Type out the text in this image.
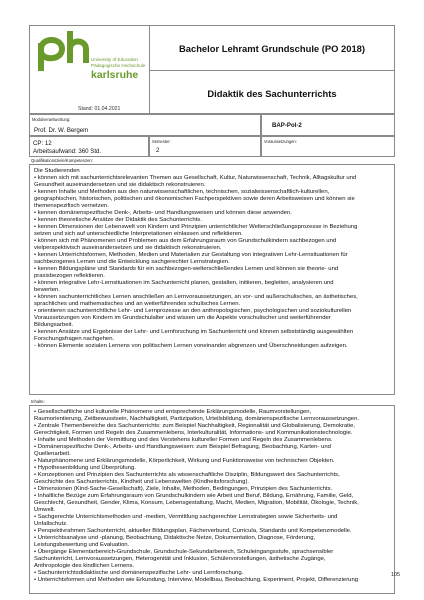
University of Education
Pädagogische Hochschule
karlsruhe
Stand: 01.04.2021
Bachelor Lehramt Grundschule (PO 2018)
Didaktik des Sachunterrichts
Modulverantwortung:
Prof. Dr. W. Bergem
BAP-Pol-2
CP: 12
Arbeitsaufwand: 360 Std.
Semester:
2
Voraussetzungen:
Qualifikationsziele/Kompetenzen:

Die Studierenden

• können sich mit sachunterrichtsrelevanten Themen aus Gesellschaft, Kultur, Naturwissenschaft, Technik, Alltagskultur und

Gesundheit auseinandersetzen und sie didaktisch rekonstruieren.

• kennen Inhalte und Methoden aus den naturwissenschaftlichen, technischen, sozialwissenschaftlich-kulturellen,

geographischen, historischen, politischen und ökonomischen Fachperspektiven sowie deren Arbeitsweisen und können sie

themenspezifisch vernetzen.

• kennen domänenspezifische Denk-, Arbeits- und Handlungsweisen und können diese anwenden.

• kennen theoretische Ansätze der Didaktik des Sachunterrichts.

• kennen Dimensionen der Lebenswelt von Kindern und Prinzipien unterrichtlicher Welterschließungsprozesse in Beziehung

setzen und sich auf unterschiedliche Interpretationen einlassen und reflektieren.

• können sich mit Phänomenen und Problemen aus dem Erfahrungsraum von Grundschulkindern sachbezogen und

vielperspektivisch auseinandersetzen und sie didaktisch rekonstruieren.

• kennen Unterrichtsformen, Methoden, Medien und Materialien zur Gestaltung von integrativen Lehr-Lernsituationen für

sachbezogenes Lernen und die Entwicklung sachgerechter Lernstrategien.

• kennen Bildungspläne und Standards für ein sachbezogen-welterschließendes Lernen und können sie theorie- und

praxisbezogen reflektieren.

• können integrative Lehr-Lernsituationen im Sachunterricht planen, gestalten, initiieren, begleiten, analysieren und

bewerten.

• können sachunterrichtliches Lernen anschließen an Lernvoraussetzungen, an vor- und außerschulisches, an ästhetisches,

sprachliches und mathematisches und an weiterführendes schulisches Lernen.

• orientieren sachunterrichtliche Lehr- und Lernprozesse an den anthropologischen, psychologischen und soziokulturellen

Voraussetzungen von Kindern im Grundschulalter und wissen um die Aspekte vorschulischer und weiterführender

Bildungsarbeit.

• kennen Ansätze und Ergebnisse der Lehr- und Lernforschung im Sachunterricht und können selbstständig ausgewählten

Forschungsfragen nachgehen.

- können Elemente sozialen Lernens von politischem Lernen voneinander abgrenzen und Überschneidungen aufzeigen.

Inhalte:

• Gesellschaftliche und kulturelle Phänomene und entsprechende Erklärungsmodelle, Raumvorstellungen,

Raumorientierung, Zeitbewusstsein, Nachhaltigkeit, Partizipation, Urteilsbildung, domänenspezifische Lernvoraussetzungen.

• Zentrale Themenbereiche des Sachunterrichts: zum Beispiel Nachhaltigkeit, Regionalität und Globalisierung, Demokratie,

Gerechtigkeit, Formen und Regeln des Zusammenlebens, Interkulturalität, Informations- und Kommunikationstechnologie.

• Inhalte und Methoden der Vermittlung und des Verstehens kultureller Formen und Regeln des Zusammenlebens.

• Domänenspezifische Denk-, Arbeits- und Handlungsweisen: zum Beispiel Befragung, Beobachtung, Karten- und

Quellenarbeit.

• Naturphänomene und Erklärungsmodelle, Körperlichkeit, Wirkung und Funktionsweise von technischen Objekten.

• Hypothesenbildung und Überprüfung.

• Konzeptionen und Prinzipien des Sachunterrichts als wissenschaftliche Disziplin, Bildungswert des Sachunterrichts,

Geschichte des Sachunterrichts, Kindheit und Lebenswelten (Kindheitsforschung).

• Dimensionen (Kind-Sache-Gesellschaft), Ziele, Inhalte, Methoden, Bedingungen, Prinzipien des Sachunterrichts.

• Inhaltliche Bezüge zum Erfahrungsraum von Grundschulkindern wie Arbeit und Beruf, Bildung, Ernährung, Familie, Geld,

Geschlecht, Gesundheit, Gender, Klima, Konsum, Lebensgestaltung, Macht, Medien, Migration, Mobilität, Ökologie, Technik,

Umwelt.

• Sachgerechte Unterrichtsmethoden und -medien, Vermittlung sachgerechter Lernstrategien sowie Sicherheits- und

Unfallschutz.

• Perspektivrahmen Sachunterricht, aktueller Bildungsplan, Fächerverbund, Curricula, Standards und Kompetenzmodelle.

• Unterrichtsanalyse und -planung, Beobachtung, Didaktische Netze, Dokumentation, Diagnose, Förderung,

Leistungsbewertung und Evaluation.

• Übergänge Elementarbereich-Grundschule, Grundschule-Sekundarbereich, Schuleingangsstufe, sprachsensibler

Sachunterricht, Lernvoraussetzungen, Heterogenität und Inklusion, Schülervorstellungen, ästhetische Zugänge,

Anthropologie des kindlichen Lernens.

• Sachunterrichtsdidaktische und domänenspezifische Lehr- und Lernforschung.

• Unterrichtsformen und Methoden wie Erkundung, Interview, Modellbau, Beobachtung, Experiment, Projekt, Differenzierung

105
